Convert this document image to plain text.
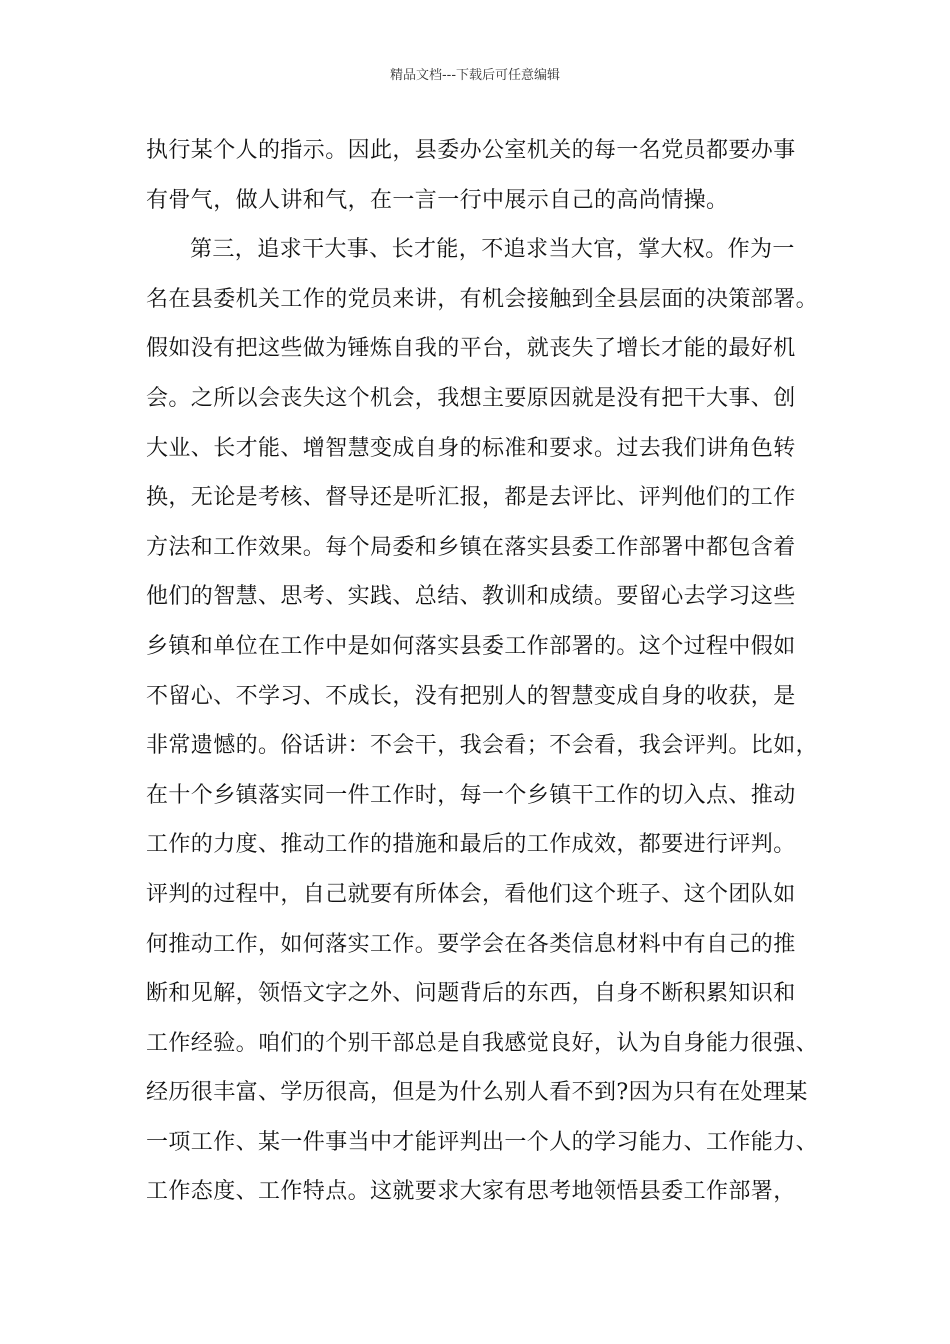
精品文档---下载后可任意编辑
执行某个人的指示。因此，县委办公室机关的每一名党员都要办事
有骨气，做人讲和气，在一言一行中展示自己的高尚情操。
第三，追求干大事、长才能，不追求当大官，掌大权。作为一
名在县委机关工作的党员来讲，有机会接触到全县层面的决策部署。
假如没有把这些做为锤炼自我的平台，就丧失了增长才能的最好机
会。之所以会丧失这个机会，我想主要原因就是没有把干大事、创
大业、长才能、增智慧变成自身的标准和要求。过去我们讲角色转
换，无论是考核、督导还是听汇报，都是去评比、评判他们的工作
方法和工作效果。每个局委和乡镇在落实县委工作部署中都包含着
他们的智慧、思考、实践、总结、教训和成绩。要留心去学习这些
乡镇和单位在工作中是如何落实县委工作部署的。这个过程中假如
不留心、不学习、不成长，没有把别人的智慧变成自身的收获，是
非常遗憾的。俗话讲：不会干，我会看；不会看，我会评判。比如，
在十个乡镇落实同一件工作时，每一个乡镇干工作的切入点、推动
工作的力度、推动工作的措施和最后的工作成效，都要进行评判。
评判的过程中，自己就要有所体会，看他们这个班子、这个团队如
何推动工作，如何落实工作。要学会在各类信息材料中有自己的推
断和见解，领悟文字之外、问题背后的东西，自身不断积累知识和
工作经验。咱们的个别干部总是自我感觉良好，认为自身能力很强、
经历很丰富、学历很高，但是为什么别人看不到?因为只有在处理某
一项工作、某一件事当中才能评判出一个人的学习能力、工作能力、
工作态度、工作特点。这就要求大家有思考地领悟县委工作部署，
